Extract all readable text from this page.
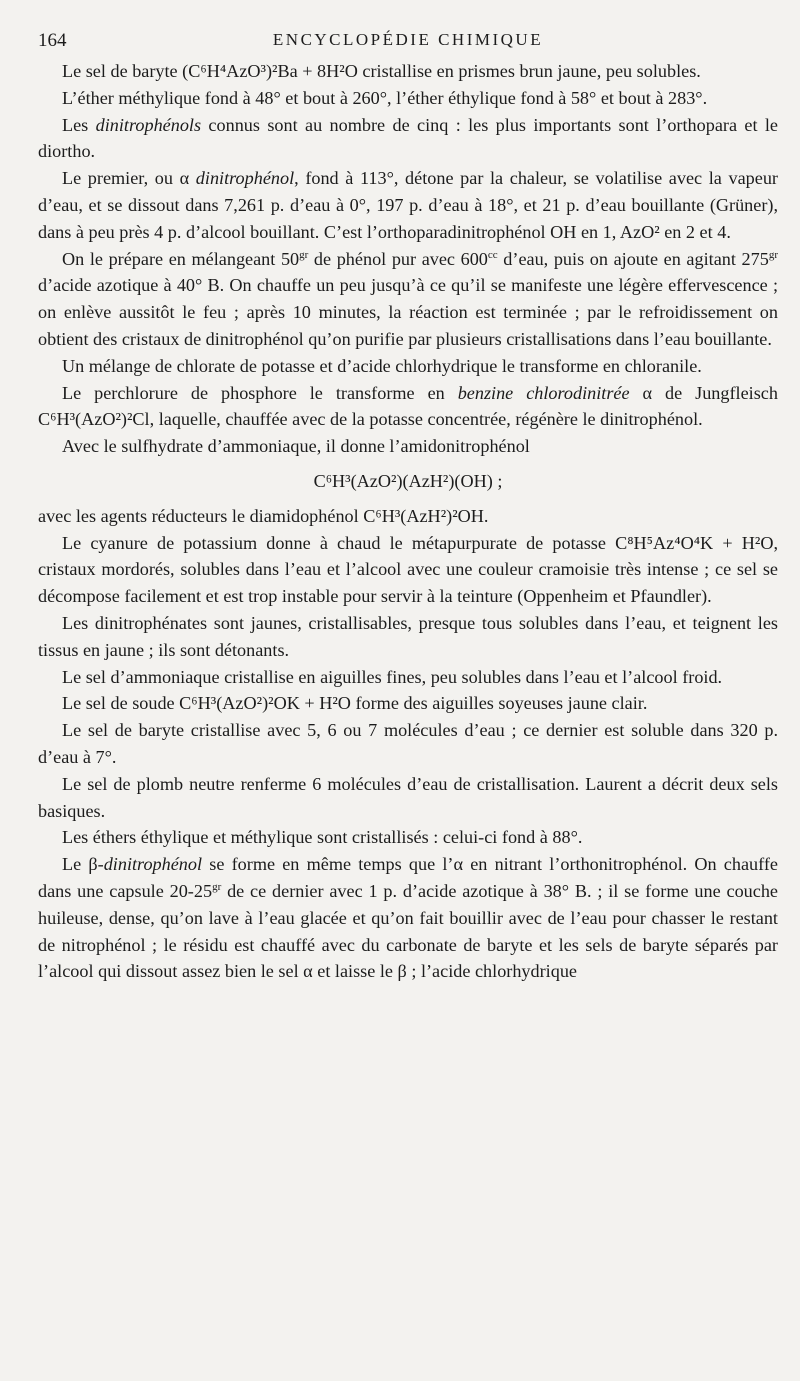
164	ENCYCLOPÉDIE CHIMIQUE

Le sel de baryte (C⁶H⁴AzO³)²Ba + 8H²O cristallise en prismes brun jaune, peu solubles.

L’éther méthylique fond à 48° et bout à 260°, l’éther éthylique fond à 58° et bout à 283°.

Les dinitrophénols connus sont au nombre de cinq : les plus importants sont l’orthopara et le diortho.

Le premier, ou α dinitrophénol, fond à 113°, détone par la chaleur, se volatilise avec la vapeur d’eau, et se dissout dans 7,261 p. d’eau à 0°, 197 p. d’eau à 18°, et 21 p. d’eau bouillante (Grüner), dans à peu près 4 p. d’alcool bouillant. C’est l’orthoparadinitrophénol OH en 1, AzO² en 2 et 4.

On le prépare en mélangeant $50^{gr}$ de phénol pur avec $600^{cc}$ d’eau, puis on ajoute en agitant $275^{gr}$ d’acide azotique à 40° B. On chauffe un peu jusqu’à ce qu’il se manifeste une légère effervescence ; on enlève aussitôt le feu ; après 10 minutes, la réaction est terminée ; par le refroidissement on obtient des cristaux de dinitrophénol qu’on purifie par plusieurs cristallisations dans l’eau bouillante.

Un mélange de chlorate de potasse et d’acide chlorhydrique le transforme en chloranile.

Le perchlorure de phosphore le transforme en benzine chlorodinitrée α de Jungfleisch C⁶H³(AzO²)²Cl, laquelle, chauffée avec de la potasse concentrée, régénère le dinitrophénol.

Avec le sulfhydrate d’ammoniaque, il donne l’amidonitrophénol

C⁶H³(AzO²)(AzH²)(OH) ;

avec les agents réducteurs le diamidophénol C⁶H³(AzH²)²OH.

Le cyanure de potassium donne à chaud le métapurpurate de potasse C⁸H⁵Az⁴O⁴K + H²O, cristaux mordorés, solubles dans l’eau et l’alcool avec une couleur cramoisie très intense ; ce sel se décompose facilement et est trop instable pour servir à la teinture (Oppenheim et Pfaundler).

Les dinitrophénates sont jaunes, cristallisables, presque tous solubles dans l’eau, et teignent les tissus en jaune ; ils sont détonants.

Le sel d’ammoniaque cristallise en aiguilles fines, peu solubles dans l’eau et l’alcool froid.

Le sel de soude C⁶H³(AzO²)²OK + H²O forme des aiguilles soyeuses jaune clair.

Le sel de baryte cristallise avec 5, 6 ou 7 molécules d’eau ; ce dernier est soluble dans 320 p. d’eau à 7°.

Le sel de plomb neutre renferme 6 molécules d’eau de cristallisation. Laurent a décrit deux sels basiques.

Les éthers éthylique et méthylique sont cristallisés : celui-ci fond à 88°.

Le β-dinitrophénol se forme en même temps que l’α en nitrant l’orthonitrophénol. On chauffe dans une capsule $20-25^{gr}$ de ce dernier avec 1 p. d’acide azotique à 38° B. ; il se forme une couche huileuse, dense, qu’on lave à l’eau glacée et qu’on fait bouillir avec de l’eau pour chasser le restant de nitrophénol ; le résidu est chauffé avec du carbonate de baryte et les sels de baryte séparés par l’alcool qui dissout assez bien le sel α et laisse le β ; l’acide chlorhydrique
